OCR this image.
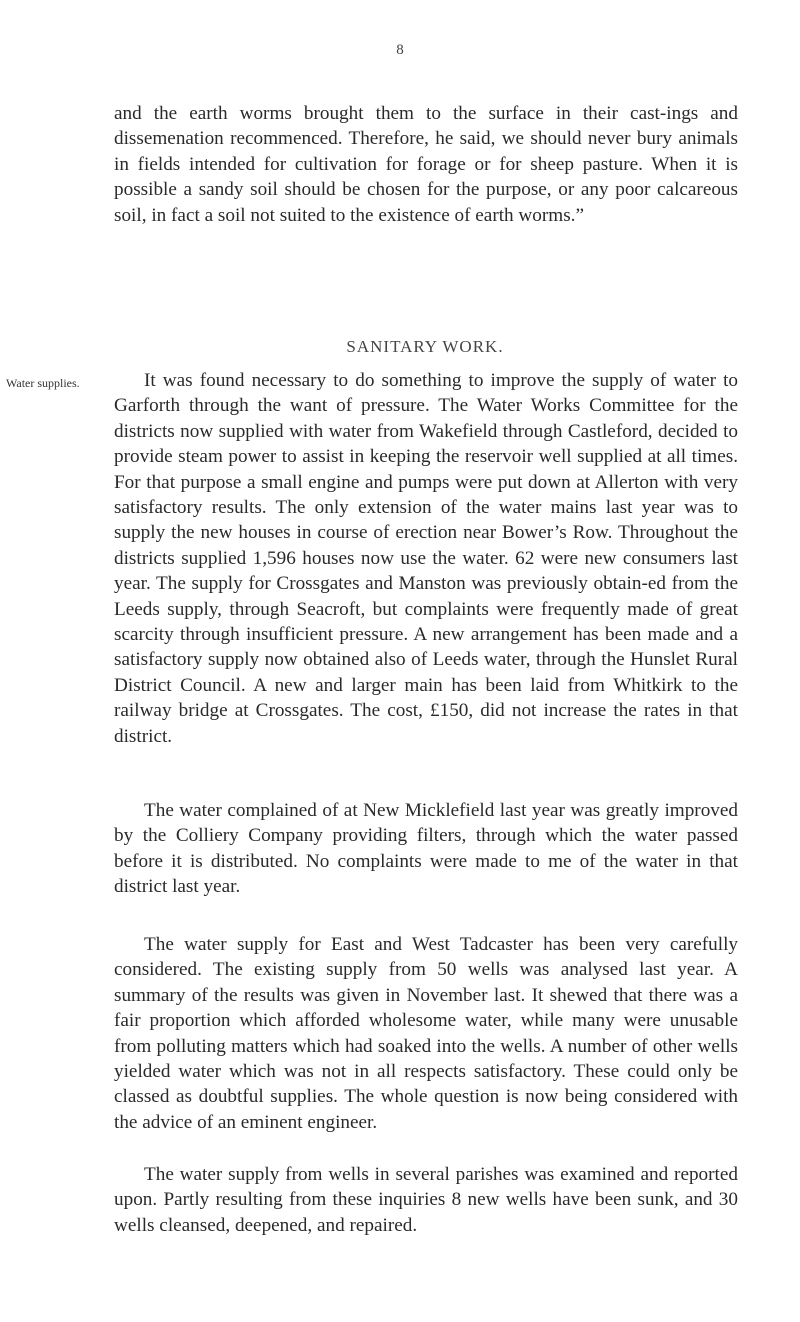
8

and the earth worms brought them to the surface in their cast-ings and dissemenation recommenced. Therefore, he said, we should never bury animals in fields intended for cultivation for forage or for sheep pasture. When it is possible a sandy soil should be chosen for the purpose, or any poor calcareous soil, in fact a soil not suited to the existence of earth worms.”

SANITARY WORK.
Water supplies.	It was found necessary to do something to improve the supply of water to Garforth through the want of pressure. The Water Works Committee for the districts now supplied with water from Wakefield through Castleford, decided to provide steam power to assist in keeping the reservoir well supplied at all times. For that purpose a small engine and pumps were put down at Allerton with very satisfactory results. The only extension of the water mains last year was to supply the new houses in course of erection near Bower’s Row. Throughout the districts supplied 1,596 houses now use the water. 62 were new consumers last year. The supply for Crossgates and Manston was previously obtain-ed from the Leeds supply, through Seacroft, but complaints were frequently made of great scarcity through insufficient pressure. A new arrangement has been made and a satisfactory supply now obtained also of Leeds water, through the Hunslet Rural District Council. A new and larger main has been laid from Whitkirk to the railway bridge at Crossgates. The cost, £150, did not increase the rates in that district.

The water complained of at New Micklefield last year was greatly improved by the Colliery Company providing filters, through which the water passed before it is distributed. No complaints were made to me of the water in that district last year.

The water supply for East and West Tadcaster has been very carefully considered. The existing supply from 50 wells was analysed last year. A summary of the results was given in November last. It shewed that there was a fair proportion which afforded wholesome water, while many were unusable from polluting matters which had soaked into the wells. A number of other wells yielded water which was not in all respects satisfactory. These could only be classed as doubtful supplies. The whole question is now being considered with the advice of an eminent engineer.

The water supply from wells in several parishes was examined and reported upon. Partly resulting from these inquiries 8 new wells have been sunk, and 30 wells cleansed, deepened, and repaired.
